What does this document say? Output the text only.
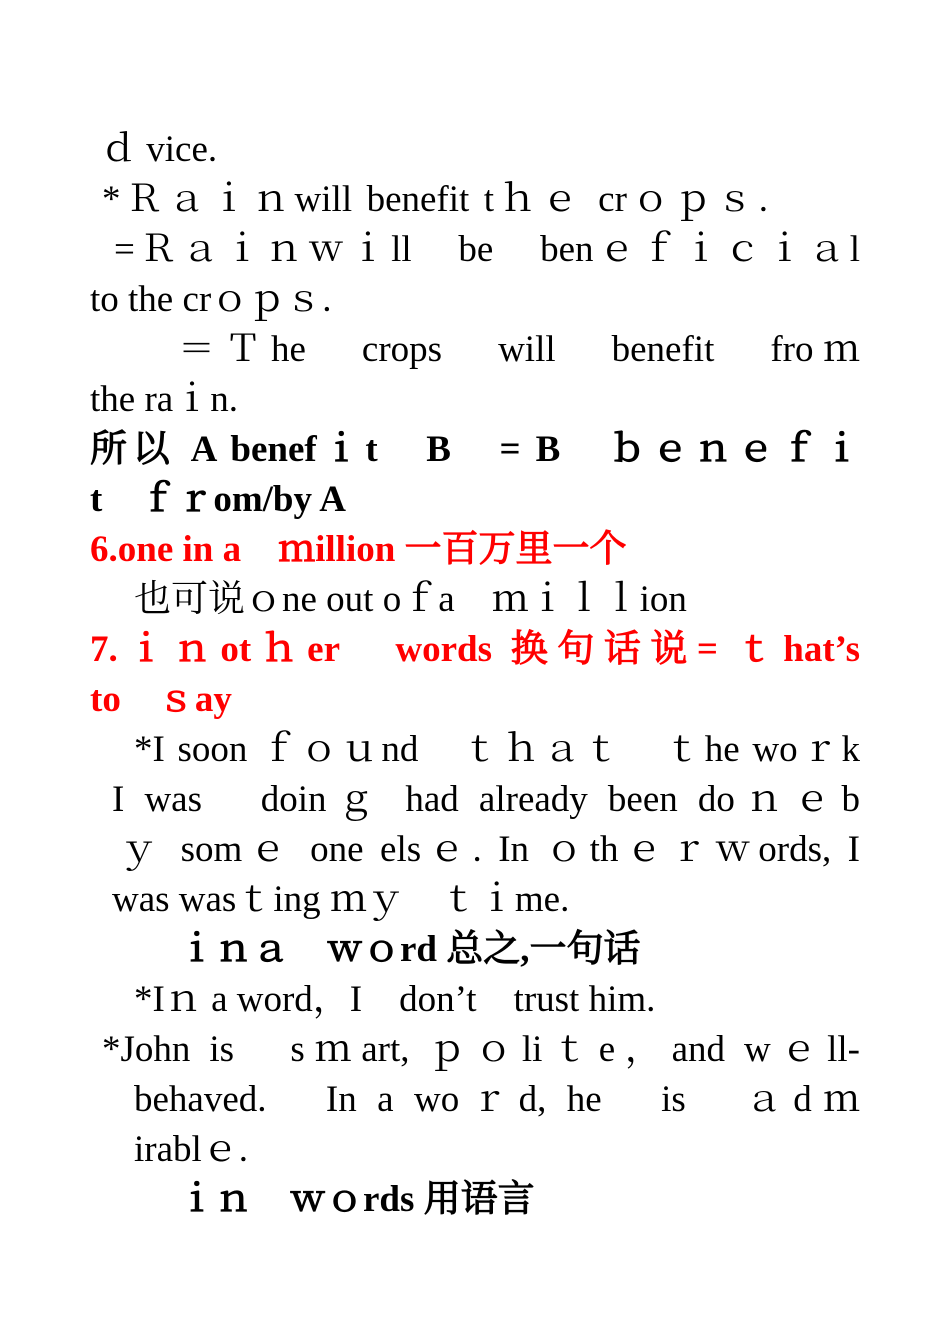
ｄ vice.
*Ｒａｉｎwill benefit tｈｅ crｏｐｓ.
=Ｒａｉｎｗｉll　be　benｅｆｉｃｉａl
to the crｏｐｓ.
＝Ｔhe　crops　will　benefit　froｍ
the raｉn.
所以 A benefｉt　B　= B　ｂｅｎｅｆｉ
t　ｆｒom/by A
6.one in a　ｍillion 一百万里一个
也可说ｏne out oｆa　ｍｉｌｌion
7.ｉｎotｈer　words 换句话说= ｔhat’s
to　ｓay
*I soon ｆｏｕnd　ｔｈａｔ　ｔhe woｒk
I was　doinｇ had already been doｎｅb
ｙ somｅ one elsｅ. In ｏthｅｒｗords, I
was wasｔing ｍｙ　ｔｉme.
ｉｎａ　ｗｏrd 总之,一句话
*Iｎ a word，I　don’t　trust him.
*John is　sｍart, ｐｏliｔe，and wｅll-
behaved.　In a woｒd, he　is　ａdｍ
irablｅ.
ｉｎ　ｗｏrds 用语言
